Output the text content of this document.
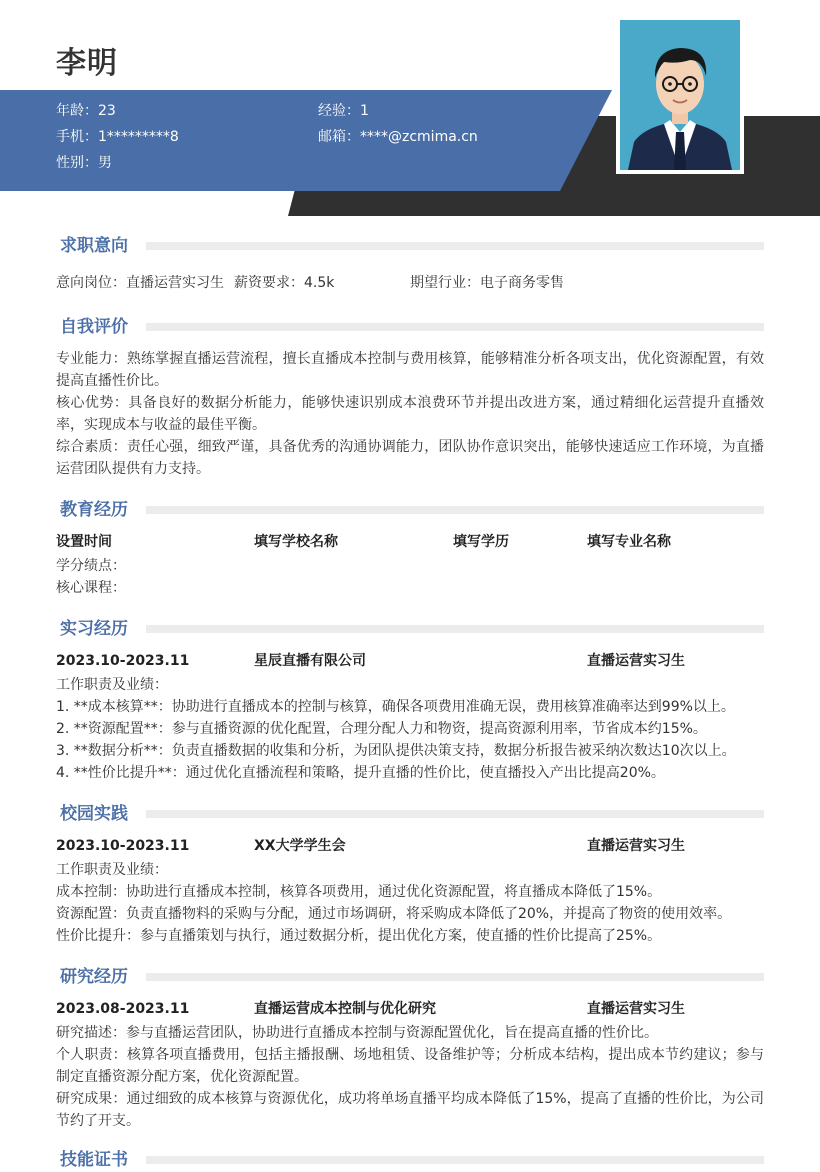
李明
年龄：23	经验：1
手机：1*********8	邮箱：****@zcmima.cn
性别：男
求职意向
意向岗位：直播运营实习生 薪资要求：4.5k	期望行业：电子商务零售
自我评价
专业能力：熟练掌握直播运营流程，擅长直播成本控制与费用核算，能够精准分析各项支出，优化资源配置，有效提高直播性价比。
核心优势：具备良好的数据分析能力，能够快速识别成本浪费环节并提出改进方案，通过精细化运营提升直播效率，实现成本与收益的最佳平衡。
综合素质：责任心强，细致严谨，具备优秀的沟通协调能力，团队协作意识突出，能够快速适应工作环境，为直播运营团队提供有力支持。
教育经历
设置时间	填写学校名称	填写学历	填写专业名称
学分绩点：
核心课程：
实习经历
2023.10-2023.11	星辰直播有限公司	直播运营实习生
工作职责及业绩：
1. **成本核算**：协助进行直播成本的控制与核算，确保各项费用准确无误，费用核算准确率达到99%以上。
2. **资源配置**：参与直播资源的优化配置，合理分配人力和物资，提高资源利用率，节省成本约15%。
3. **数据分析**：负责直播数据的收集和分析，为团队提供决策支持，数据分析报告被采纳次数达10次以上。
4. **性价比提升**：通过优化直播流程和策略，提升直播的性价比，使直播投入产出比提高20%。
校园实践
2023.10-2023.11	XX大学学生会	直播运营实习生
工作职责及业绩：
成本控制：协助进行直播成本控制，核算各项费用，通过优化资源配置，将直播成本降低了15%。
资源配置：负责直播物料的采购与分配，通过市场调研，将采购成本降低了20%，并提高了物资的使用效率。
性价比提升：参与直播策划与执行，通过数据分析，提出优化方案，使直播的性价比提高了25%。
研究经历
2023.08-2023.11	直播运营成本控制与优化研究	直播运营实习生
研究描述：参与直播运营团队，协助进行直播成本控制与资源配置优化，旨在提高直播的性价比。
个人职责：核算各项直播费用，包括主播报酬、场地租赁、设备维护等；分析成本结构，提出成本节约建议；参与制定直播资源分配方案，优化资源配置。
研究成果：通过细致的成本核算与资源优化，成功将单场直播平均成本降低了15%，提高了直播的性价比，为公司节约了开支。
技能证书
